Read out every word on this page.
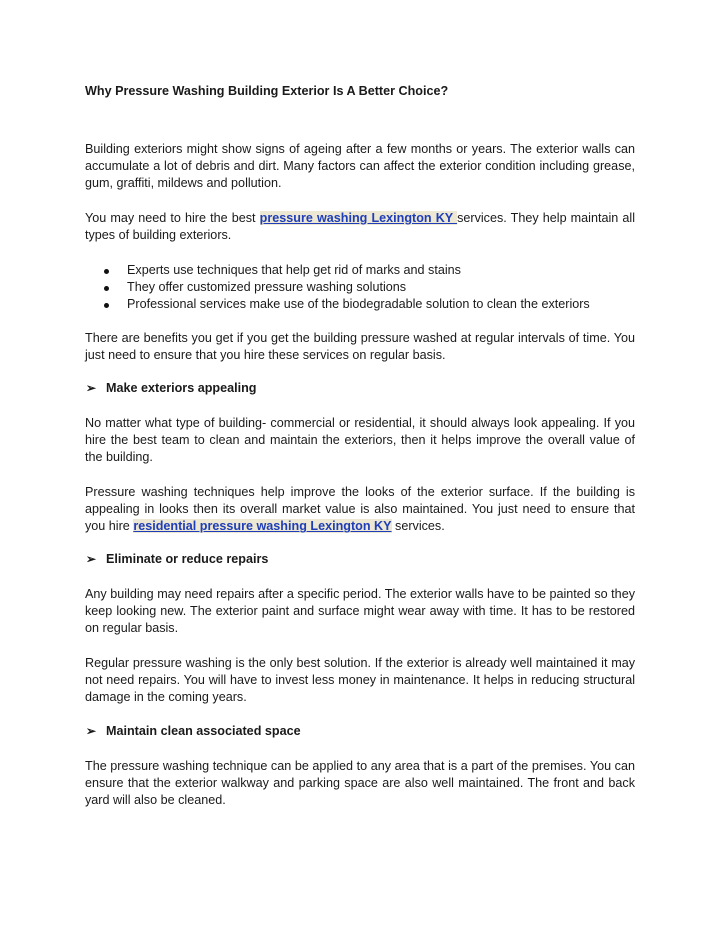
Why Pressure Washing Building Exterior Is A Better Choice?

Building exteriors might show signs of ageing after a few months or years. The exterior walls can accumulate a lot of debris and dirt. Many factors can affect the exterior condition including grease, gum, graffiti, mildews and pollution.

You may need to hire the best pressure washing Lexington KY services. They help maintain all types of building exteriors.

Experts use techniques that help get rid of marks and stains
They offer customized pressure washing solutions
Professional services make use of the biodegradable solution to clean the exteriors

There are benefits you get if you get the building pressure washed at regular intervals of time. You just need to ensure that you hire these services on regular basis.

➢ Make exteriors appealing

No matter what type of building- commercial or residential, it should always look appealing. If you hire the best team to clean and maintain the exteriors, then it helps improve the overall value of the building.

Pressure washing techniques help improve the looks of the exterior surface. If the building is appealing in looks then its overall market value is also maintained. You just need to ensure that you hire residential pressure washing Lexington KY services.

➢ Eliminate or reduce repairs

Any building may need repairs after a specific period. The exterior walls have to be painted so they keep looking new. The exterior paint and surface might wear away with time. It has to be restored on regular basis.

Regular pressure washing is the only best solution. If the exterior is already well maintained it may not need repairs. You will have to invest less money in maintenance. It helps in reducing structural damage in the coming years.

➢ Maintain clean associated space

The pressure washing technique can be applied to any area that is a part of the premises. You can ensure that the exterior walkway and parking space are also well maintained. The front and back yard will also be cleaned.
